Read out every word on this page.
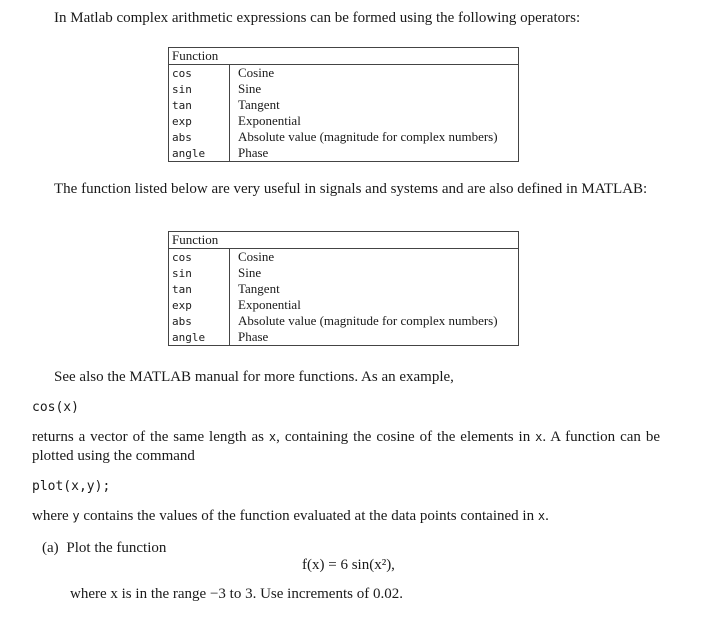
In Matlab complex arithmetic expressions can be formed using the following operators:
Function	
cos	Cosine
sin	Sine
tan	Tangent
exp	Exponential
abs	Absolute value (magnitude for complex numbers)
angle	Phase
The function listed below are very useful in signals and systems and are also defined in MATLAB:
Function	
cos	Cosine
sin	Sine
tan	Tangent
exp	Exponential
abs	Absolute value (magnitude for complex numbers)
angle	Phase
See also the MATLAB manual for more functions. As an example,
cos(x)
returns a vector of the same length as x, containing the cosine of the elements in x. A function can be plotted using the command
plot(x,y);
where y contains the values of the function evaluated at the data points contained in x.
(a) Plot the function
f(x) = 6 sin(x²),
where x is in the range −3 to 3. Use increments of 0.02.
